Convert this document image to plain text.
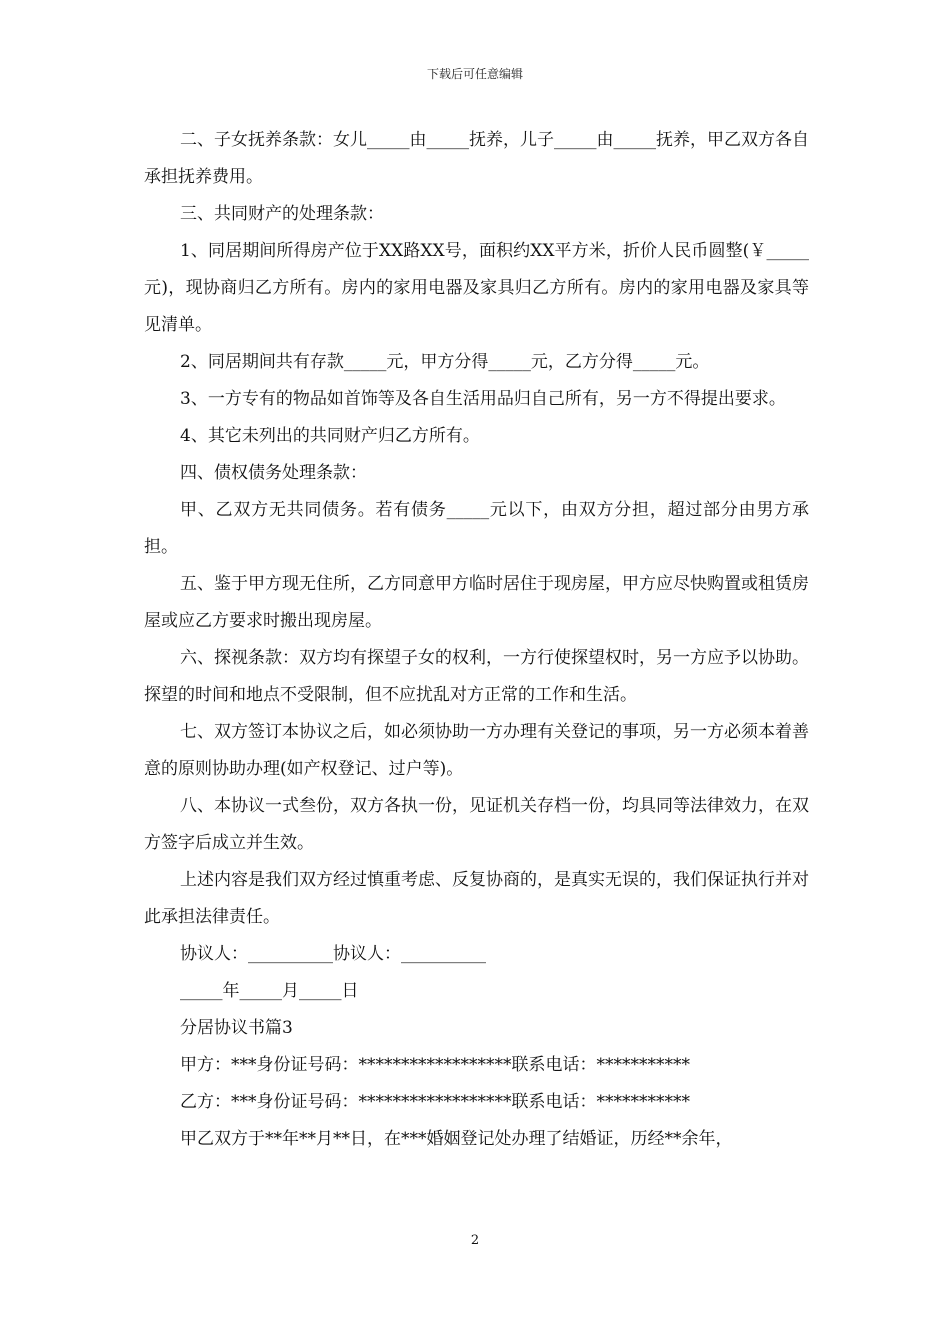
下载后可任意编辑

二、子女抚养条款：女儿_____由_____抚养，儿子_____由_____抚养，甲乙双方各自承担抚养费用。

三、共同财产的处理条款：

1、同居期间所得房产位于XX路XX号，面积约XX平方米，折价人民币圆整(￥_____元)，现协商归乙方所有。房内的家用电器及家具归乙方所有。房内的家用电器及家具等见清单。

2、同居期间共有存款_____元，甲方分得_____元，乙方分得_____元。

3、一方专有的物品如首饰等及各自生活用品归自己所有，另一方不得提出要求。

4、其它未列出的共同财产归乙方所有。

四、债权债务处理条款：

甲、乙双方无共同债务。若有债务_____元以下，由双方分担，超过部分由男方承担。

五、鉴于甲方现无住所，乙方同意甲方临时居住于现房屋，甲方应尽快购置或租赁房屋或应乙方要求时搬出现房屋。

六、探视条款：双方均有探望子女的权利，一方行使探望权时，另一方应予以协助。探望的时间和地点不受限制，但不应扰乱对方正常的工作和生活。

七、双方签订本协议之后，如必须协助一方办理有关登记的事项，另一方必须本着善意的原则协助办理(如产权登记、过户等)。

八、本协议一式叁份，双方各执一份，见证机关存档一份，均具同等法律效力，在双方签字后成立并生效。

上述内容是我们双方经过慎重考虑、反复协商的，是真实无误的，我们保证执行并对此承担法律责任。

协议人：__________协议人：__________

_____年_____月_____日

分居协议书篇3

甲方：***身份证号码：******************联系电话：***********

乙方：***身份证号码：******************联系电话：***********

甲乙双方于**年**月**日，在***婚姻登记处办理了结婚证，历经**余年，

2
